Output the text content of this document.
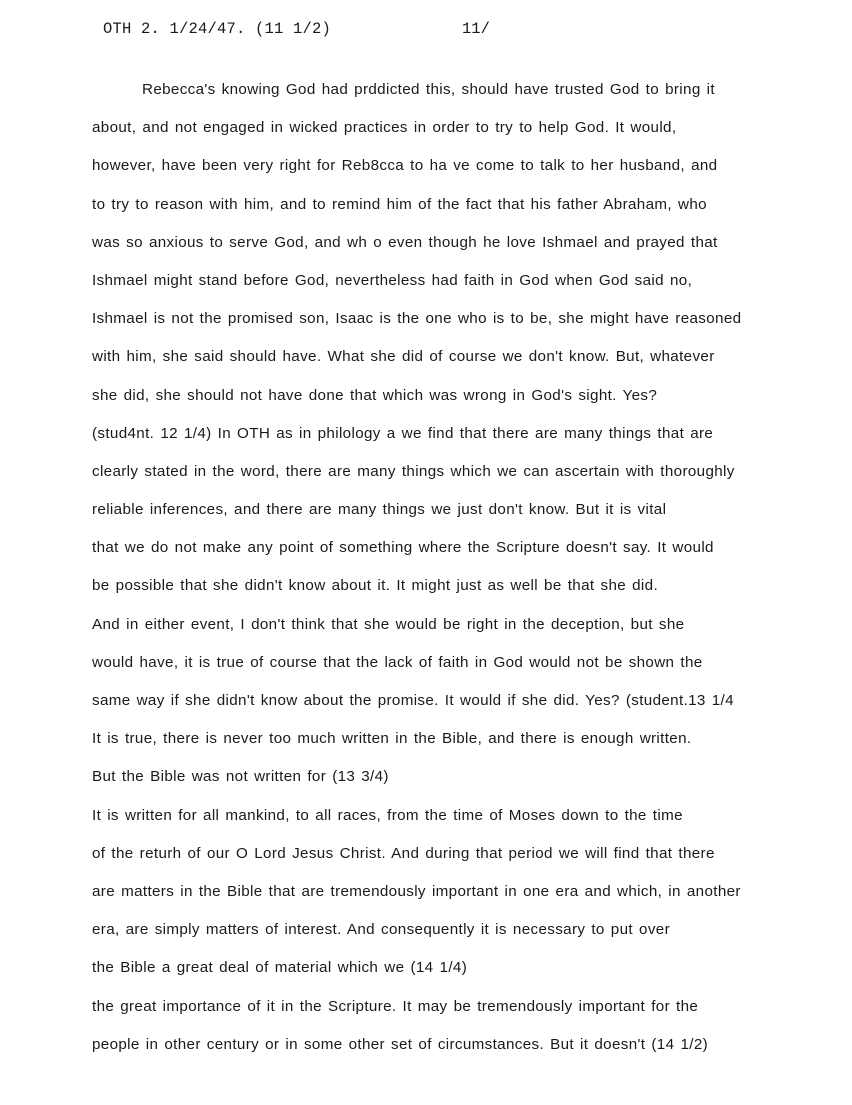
OTH 2. 1/24/47. (11 1/2)	11/
Rebecca's knowing God had prddicted this, should have trusted God to bring it
about, and not engaged in wicked practices in order to try to help God. It would,
however, have been very right for Reb8cca to ha ve come to talk to her husband, and
to try to reason with him, and to remind him of the fact that his father Abraham, who
was so anxious to serve God, and wh o even though he love Ishmael and prayed that
Ishmael might stand before God, nevertheless had faith in God when God said no,
Ishmael is not the promised son, Isaac is the one who is to be, she might have reasoned
with him, she said should have. What she did of course we don't know. But, whatever
she did, she should not have done that which was wrong in God's sight. Yes?
(stud4nt. 12 1/4) In OTH as in philology a we find that there are many things that are
clearly stated in the word, there are many things which we can ascertain with thoroughly
reliable inferences, and there are many things we just don't know. But it is vital
that we do not make any point of something where the Scripture doesn't say. It would
be possible that she didn't know about it. It might just as well be that she did.
And in either event, I don't think that she would be right in the deception, but she
would have, it is true of course that the lack of faith in God would not be shown the
same way if she didn't know about the promise. It would if she did. Yes? (student.13 1/4
It is true, there is never too much written in the Bible, and there is enough written.
But the Bible was not written for (13 3/4)
It is written for all mankind, to all races, from the time of Moses down to the time
of the returh of our O Lord Jesus Christ. And during that period we will find that there
are matters in the Bible that are tremendously important in one era and which, in another
era, are simply matters of interest. And consequently it is necessary to put over
the Bible a great deal of material which we (14 1/4)
the great importance of it in the Scripture. It may be tremendously important for the
people in other century or in some other set of circumstances. But it doesn't (14 1/2)
